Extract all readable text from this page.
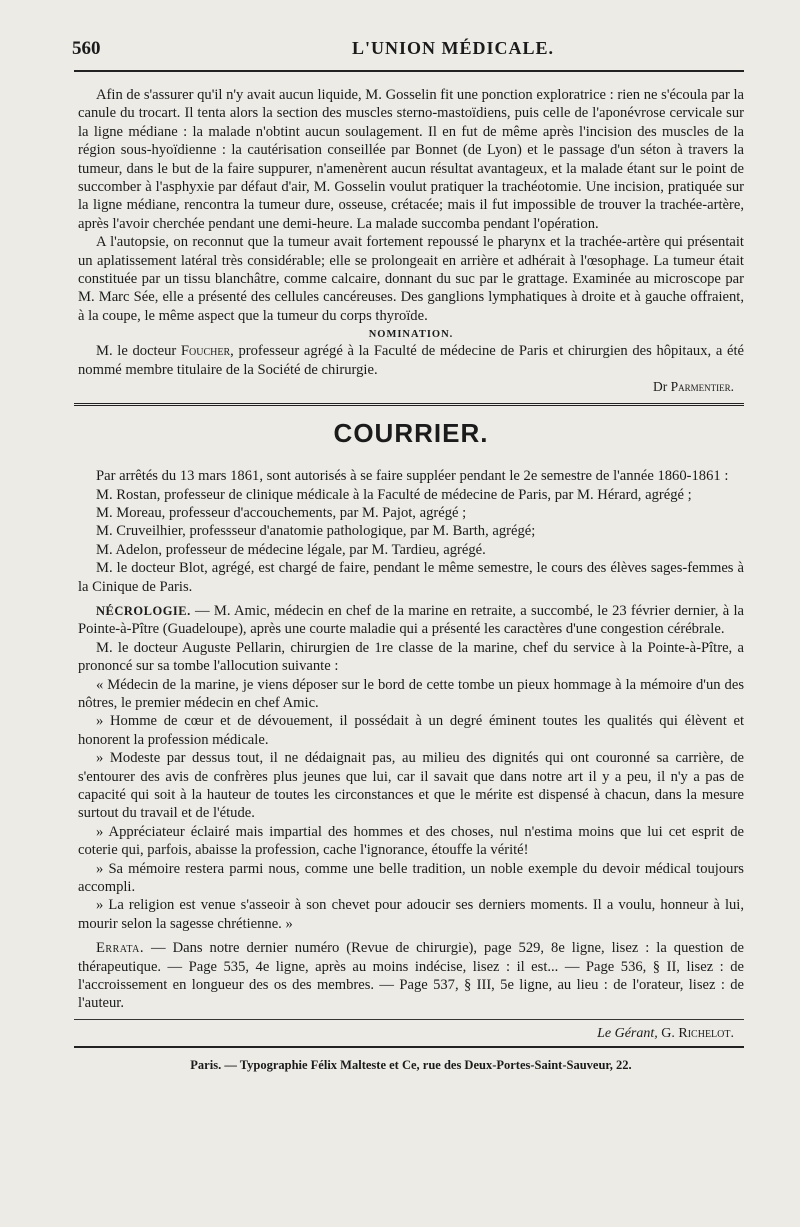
560	L'UNION MÉDICALE.

Afin de s'assurer qu'il n'y avait aucun liquide, M. Gosselin fit une ponction exploratrice : rien ne s'écoula par la canule du trocart. Il tenta alors la section des muscles sterno-mastoïdiens, puis celle de l'aponévrose cervicale sur la ligne médiane : la malade n'obtint aucun soulagement. Il en fut de même après l'incision des muscles de la région sous-hyoïdienne : la cautérisation conseillée par Bonnet (de Lyon) et le passage d'un séton à travers la tumeur, dans le but de la faire suppurer, n'amenèrent aucun résultat avantageux, et la malade étant sur le point de succomber à l'asphyxie par défaut d'air, M. Gosselin voulut pratiquer la trachéotomie. Une incision, pratiquée sur la ligne médiane, rencontra la tumeur dure, osseuse, crétacée; mais il fut impossible de trouver la trachée-artère, après l'avoir cherchée pendant une demi-heure. La malade succomba pendant l'opération.

A l'autopsie, on reconnut que la tumeur avait fortement repoussé le pharynx et la trachée-artère qui présentait un aplatissement latéral très considérable; elle se prolongeait en arrière et adhérait à l'œsophage. La tumeur était constituée par un tissu blanchâtre, comme calcaire, donnant du suc par le grattage. Examinée au microscope par M. Marc Sée, elle a présenté des cellules cancéreuses. Des ganglions lymphatiques à droite et à gauche offraient, à la coupe, le même aspect que la tumeur du corps thyroïde.

NOMINATION.

M. le docteur Foucher, professeur agrégé à la Faculté de médecine de Paris et chirurgien des hôpitaux, a été nommé membre titulaire de la Société de chirurgie.

Dr Parmentier.
COURRIER.

Par arrêtés du 13 mars 1861, sont autorisés à se faire suppléer pendant le 2e semestre de l'année 1860-1861 :

M. Rostan, professeur de clinique médicale à la Faculté de médecine de Paris, par M. Hérard, agrégé ;

M. Moreau, professeur d'accouchements, par M. Pajot, agrégé ;

M. Cruveilhier, professseur d'anatomie pathologique, par M. Barth, agrégé;

M. Adelon, professeur de médecine légale, par M. Tardieu, agrégé.

M. le docteur Blot, agrégé, est chargé de faire, pendant le même semestre, le cours des élèves sages-femmes à la Cinique de Paris.

NÉCROLOGIE. — M. Amic, médecin en chef de la marine en retraite, a succombé, le 23 février dernier, à la Pointe-à-Pître (Guadeloupe), après une courte maladie qui a présenté les caractères d'une congestion cérébrale.

M. le docteur Auguste Pellarin, chirurgien de 1re classe de la marine, chef du service à la Pointe-à-Pître, a prononcé sur sa tombe l'allocution suivante :

« Médecin de la marine, je viens déposer sur le bord de cette tombe un pieux hommage à la mémoire d'un des nôtres, le premier médecin en chef Amic.

» Homme de cœur et de dévouement, il possédait à un degré éminent toutes les qualités qui élèvent et honorent la profession médicale.

» Modeste par dessus tout, il ne dédaignait pas, au milieu des dignités qui ont couronné sa carrière, de s'entourer des avis de confrères plus jeunes que lui, car il savait que dans notre art il y a peu, il n'y a pas de capacité qui soit à la hauteur de toutes les circonstances et que le mérite est dispensé à chacun, dans la mesure surtout du travail et de l'étude.

» Appréciateur éclairé mais impartial des hommes et des choses, nul n'estima moins que lui cet esprit de coterie qui, parfois, abaisse la profession, cache l'ignorance, étouffe la vérité!

» Sa mémoire restera parmi nous, comme une belle tradition, un noble exemple du devoir médical toujours accompli.

» La religion est venue s'asseoir à son chevet pour adoucir ses derniers moments. Il a voulu, honneur à lui, mourir selon la sagesse chrétienne. »

Errata. — Dans notre dernier numéro (Revue de chirurgie), page 529, 8e ligne, lisez : la question de thérapeutique. — Page 535, 4e ligne, après au moins indécise, lisez : il est... — Page 536, § II, lisez : de l'accroissement en longueur des os des membres. — Page 537, § III, 5e ligne, au lieu : de l'orateur, lisez : de l'auteur.

Le Gérant, G. Richelot.
Paris. — Typographie Félix Malteste et Ce, rue des Deux-Portes-Saint-Sauveur, 22.
